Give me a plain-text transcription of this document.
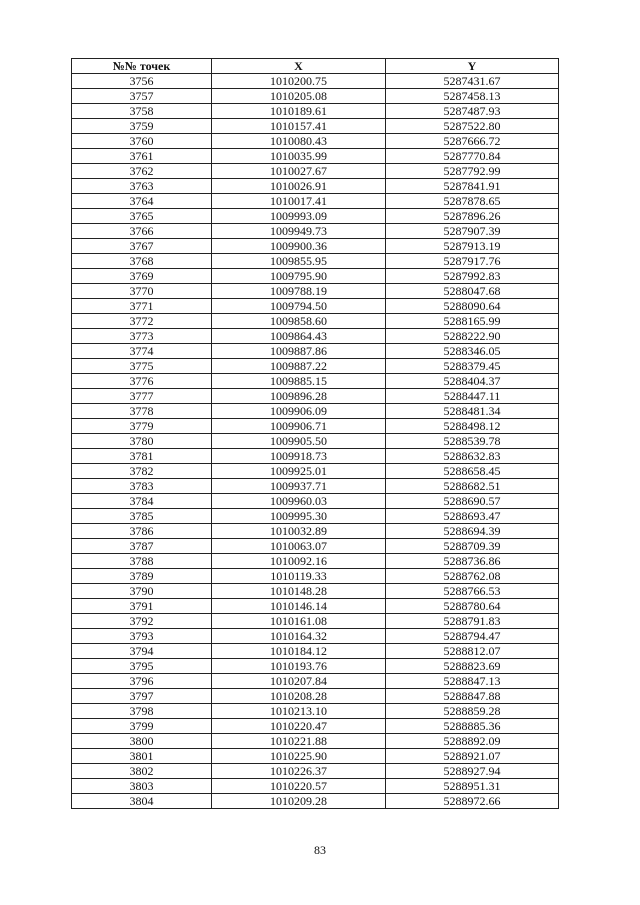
№№ точек	X	Y
3756	1010200.75	5287431.67
3757	1010205.08	5287458.13
3758	1010189.61	5287487.93
3759	1010157.41	5287522.80
3760	1010080.43	5287666.72
3761	1010035.99	5287770.84
3762	1010027.67	5287792.99
3763	1010026.91	5287841.91
3764	1010017.41	5287878.65
3765	1009993.09	5287896.26
3766	1009949.73	5287907.39
3767	1009900.36	5287913.19
3768	1009855.95	5287917.76
3769	1009795.90	5287992.83
3770	1009788.19	5288047.68
3771	1009794.50	5288090.64
3772	1009858.60	5288165.99
3773	1009864.43	5288222.90
3774	1009887.86	5288346.05
3775	1009887.22	5288379.45
3776	1009885.15	5288404.37
3777	1009896.28	5288447.11
3778	1009906.09	5288481.34
3779	1009906.71	5288498.12
3780	1009905.50	5288539.78
3781	1009918.73	5288632.83
3782	1009925.01	5288658.45
3783	1009937.71	5288682.51
3784	1009960.03	5288690.57
3785	1009995.30	5288693.47
3786	1010032.89	5288694.39
3787	1010063.07	5288709.39
3788	1010092.16	5288736.86
3789	1010119.33	5288762.08
3790	1010148.28	5288766.53
3791	1010146.14	5288780.64
3792	1010161.08	5288791.83
3793	1010164.32	5288794.47
3794	1010184.12	5288812.07
3795	1010193.76	5288823.69
3796	1010207.84	5288847.13
3797	1010208.28	5288847.88
3798	1010213.10	5288859.28
3799	1010220.47	5288885.36
3800	1010221.88	5288892.09
3801	1010225.90	5288921.07
3802	1010226.37	5288927.94
3803	1010220.57	5288951.31
3804	1010209.28	5288972.66
83
